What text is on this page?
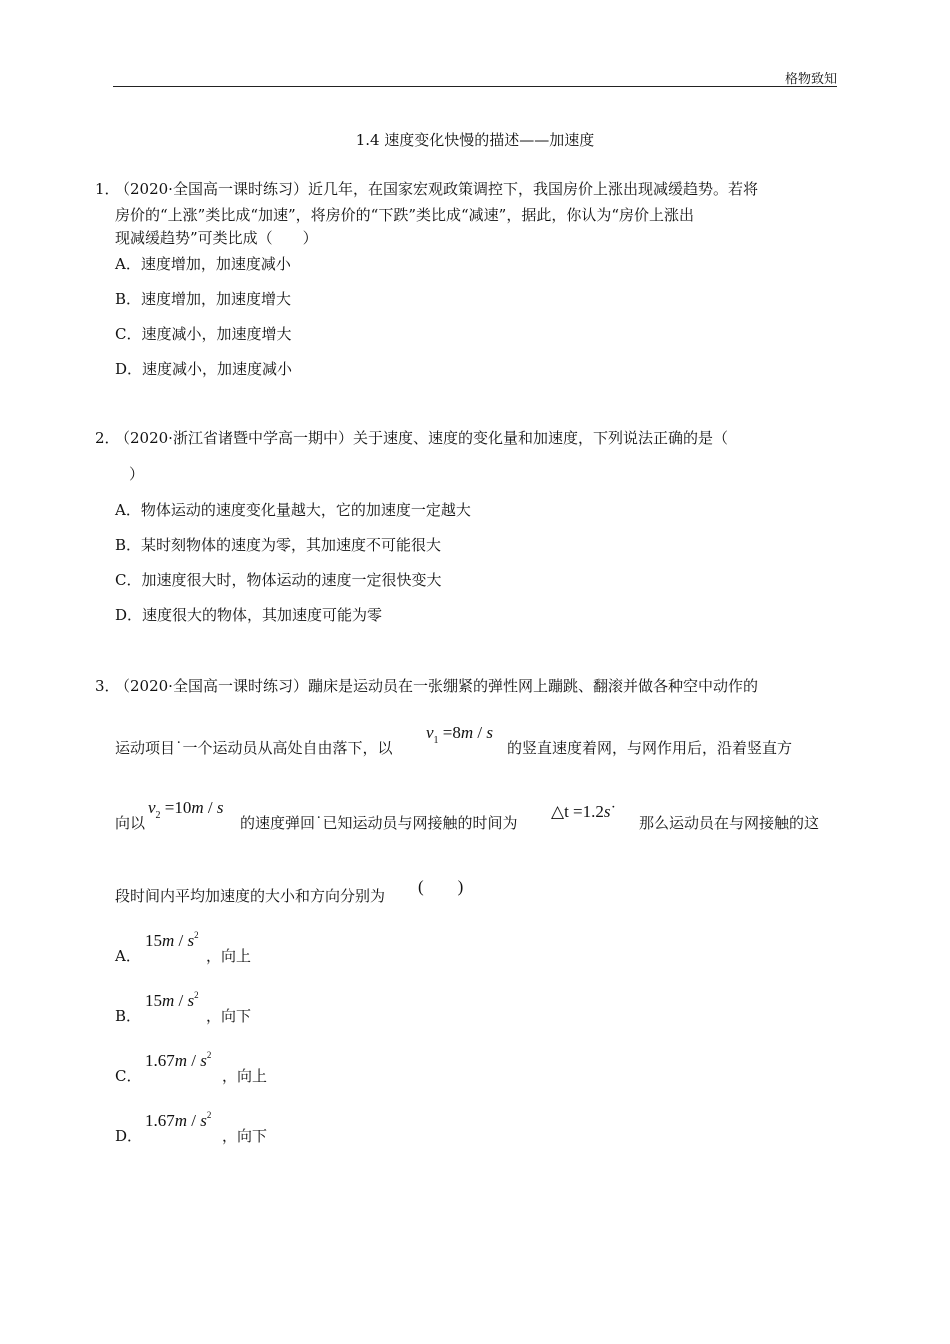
格物致知
1.4 速度变化快慢的描述——加速度
1．
（2020·全国高一课时练习）近几年，在国家宏观政策调控下，我国房价上涨出现减缓趋势。若将
房价的“上涨”类比成“加速”，将房价的“下跌”类比成“减速”，据此，你认为“房价上涨出
现减缓趋势”可类比成（　　）
A．速度增加，加速度减小
B．速度增加，加速度增大
C．速度减小，加速度增大
D．速度减小，加速度减小
2．
（2020·浙江省诸暨中学高一期中）关于速度、速度的变化量和加速度，下列说法正确的是（
）
A．物体运动的速度变化量越大，它的加速度一定越大
B．某时刻物体的速度为零，其加速度不可能很大
C．加速度很大时，物体运动的速度一定很快变大
D．速度很大的物体，其加速度可能为零
3．
（2020·全国高一课时练习）蹦床是运动员在一张绷紧的弹性网上蹦跳、翻滚并做各种空中动作的
运动项目˙一个运动员从高处自由落下，以
$v_1 =8m / s$
的竖直速度着网，与网作用后，沿着竖直方
向以
$v_2 =10m / s$
的速度弹回˙已知运动员与网接触的时间为
△t =1.2s˙
那么运动员在与网接触的这
段时间内平均加速度的大小和方向分别为 (　　)
A．
$15m / s^2$
，向上
B．
$15m / s^2$
，向下
C．
$1.67m / s^2$
，向上
D．
$1.67m / s^2$
，向下
